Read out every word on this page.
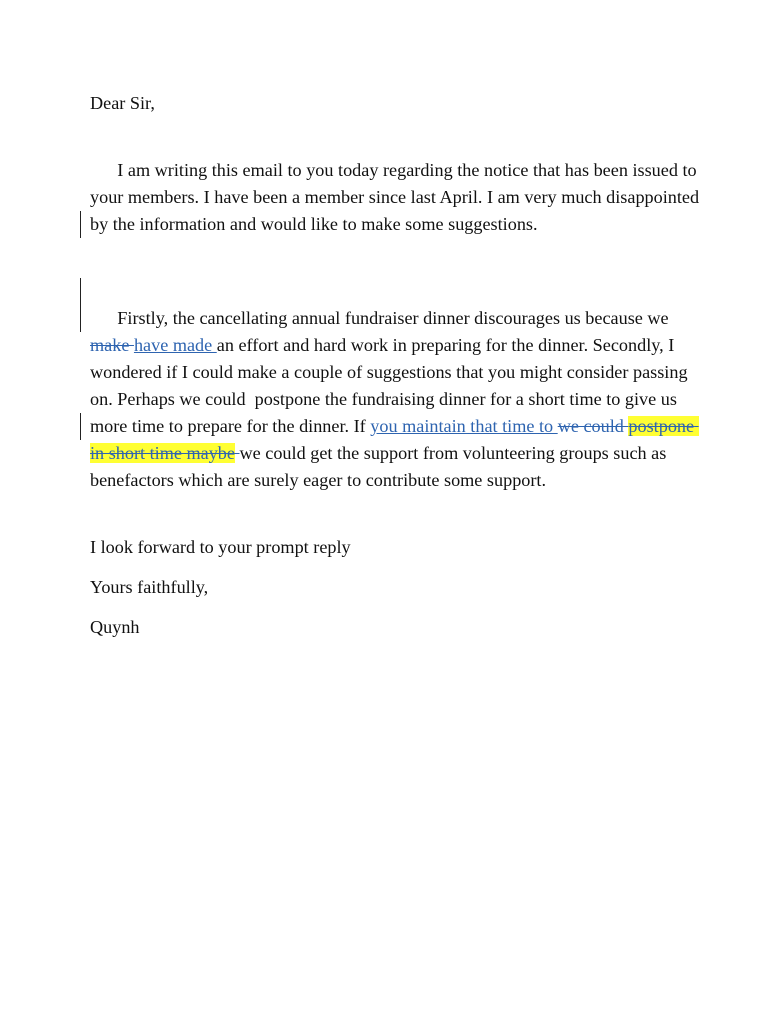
Dear Sir,

I am writing this email to you today regarding the notice that has been issued to your members. I have been a member since last April. I am very much disappointed by the information and would like to make some suggestions.

Firstly, the cancellating annual fundraiser dinner discourages us because we make have made an effort and hard work in preparing for the dinner. Secondly, I wondered if I could make a couple of suggestions that you might consider passing on. Perhaps we could  postpone the fundraising dinner for a short time to give us more time to prepare for the dinner. If you maintain that time to we could postpone in short time maybe we could get the support from volunteering groups such as benefactors which are surely eager to contribute some support.

I look forward to your prompt reply

Yours faithfully,

Quynh
